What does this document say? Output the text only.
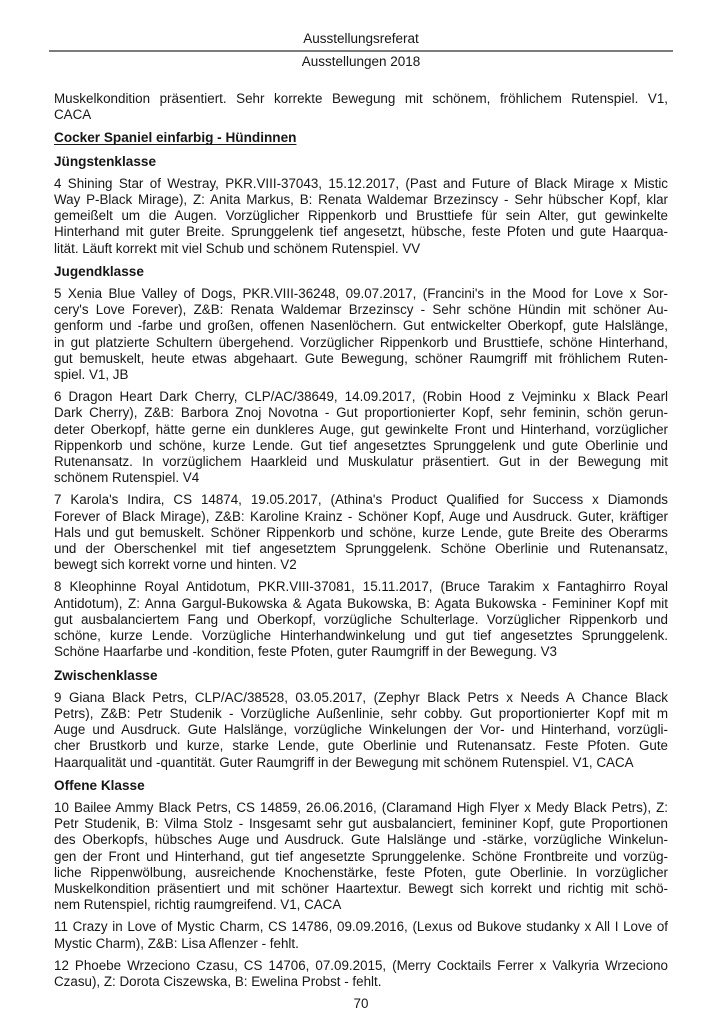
Ausstellungsreferat
Ausstellungen 2018
Muskelkondition präsentiert. Sehr korrekte Bewegung mit schönem, fröhlichem Rutenspiel. V1,
CACA
Cocker Spaniel einfarbig - Hündinnen
Jüngstenklasse
4 Shining Star of Westray, PKR.VIII-37043, 15.12.2017, (Past and Future of Black Mirage x Mistic
Way P-Black Mirage), Z: Anita Markus, B: Renata Waldemar Brzezinscy - Sehr hübscher Kopf, klar
gemeißelt um die Augen. Vorzüglicher Rippenkorb und Brusttiefe für sein Alter, gut gewinkelte
Hinterhand mit guter Breite. Sprunggelenk tief angesetzt, hübsche, feste Pfoten und gute Haarqua-
lität. Läuft korrekt mit viel Schub und schönem Rutenspiel. VV
Jugendklasse
5 Xenia Blue Valley of Dogs, PKR.VIII-36248, 09.07.2017, (Francini's in the Mood for Love x Sor-
cery's Love Forever), Z&B: Renata Waldemar Brzezinscy - Sehr schöne Hündin mit schöner Au-
genform und -farbe und großen, offenen Nasenlöchern. Gut entwickelter Oberkopf, gute Halslänge,
in gut platzierte Schultern übergehend. Vorzüglicher Rippenkorb und Brusttiefe, schöne Hinterhand,
gut bemuskelt, heute etwas abgehaart. Gute Bewegung, schöner Raumgriff mit fröhlichem Ruten-
spiel. V1, JB
6 Dragon Heart Dark Cherry, CLP/AC/38649, 14.09.2017, (Robin Hood z Vejminku x Black Pearl
Dark Cherry), Z&B: Barbora Znoj Novotna - Gut proportionierter Kopf, sehr feminin, schön gerun-
deter Oberkopf, hätte gerne ein dunkleres Auge, gut gewinkelte Front und Hinterhand, vorzüglicher
Rippenkorb und schöne, kurze Lende. Gut tief angesetztes Sprunggelenk und gute Oberlinie und
Rutenansatz. In vorzüglichem Haarkleid und Muskulatur präsentiert. Gut in der Bewegung mit
schönem Rutenspiel. V4
7 Karola's Indira, CS 14874, 19.05.2017, (Athina's Product Qualified for Success x Diamonds
Forever of Black Mirage), Z&B: Karoline Krainz - Schöner Kopf, Auge und Ausdruck. Guter, kräftiger
Hals und gut bemuskelt. Schöner Rippenkorb und schöne, kurze Lende, gute Breite des Oberarms
und der Oberschenkel mit tief angesetztem Sprunggelenk. Schöne Oberlinie und Rutenansatz,
bewegt sich korrekt vorne und hinten. V2
8 Kleophinne Royal Antidotum, PKR.VIII-37081, 15.11.2017, (Bruce Tarakim x Fantaghirro Royal
Antidotum), Z: Anna Gargul-Bukowska & Agata Bukowska, B: Agata Bukowska - Femininer Kopf mit
gut ausbalanciertem Fang und Oberkopf, vorzügliche Schulterlage. Vorzüglicher Rippenkorb und
schöne, kurze Lende. Vorzügliche Hinterhandwinkelung und gut tief angesetztes Sprunggelenk.
Schöne Haarfarbe und -kondition, feste Pfoten, guter Raumgriff in der Bewegung. V3
Zwischenklasse
9 Giana Black Petrs, CLP/AC/38528, 03.05.2017, (Zephyr Black Petrs x Needs A Chance Black
Petrs), Z&B: Petr Studenik - Vorzügliche Außenlinie, sehr cobby. Gut proportionierter Kopf mit m
Auge und Ausdruck. Gute Halslänge, vorzügliche Winkelungen der Vor- und Hinterhand, vorzügli-
cher Brustkorb und kurze, starke Lende, gute Oberlinie und Rutenansatz. Feste Pfoten. Gute
Haarqualität und -quantität. Guter Raumgriff in der Bewegung mit schönem Rutenspiel. V1, CACA
Offene Klasse
10 Bailee Ammy Black Petrs, CS 14859, 26.06.2016, (Claramand High Flyer x Medy Black Petrs), Z:
Petr Studenik, B: Vilma Stolz - Insgesamt sehr gut ausbalanciert, femininer Kopf, gute Proportionen
des Oberkopfs, hübsches Auge und Ausdruck. Gute Halslänge und -stärke, vorzügliche Winkelun-
gen der Front und Hinterhand, gut tief angesetzte Sprunggelenke. Schöne Frontbreite und vorzüg-
liche Rippenwölbung, ausreichende Knochenstärke, feste Pfoten, gute Oberlinie. In vorzüglicher
Muskelkondition präsentiert und mit schöner Haartextur. Bewegt sich korrekt und richtig mit schö-
nem Rutenspiel, richtig raumgreifend. V1, CACA
11 Crazy in Love of Mystic Charm, CS 14786, 09.09.2016, (Lexus od Bukove studanky x All I Love of
Mystic Charm), Z&B: Lisa Aflenzer - fehlt.
12 Phoebe Wrzeciono Czasu, CS 14706, 07.09.2015, (Merry Cocktails Ferrer x Valkyria Wrzeciono
Czasu), Z: Dorota Ciszewska, B: Ewelina Probst - fehlt.
70
